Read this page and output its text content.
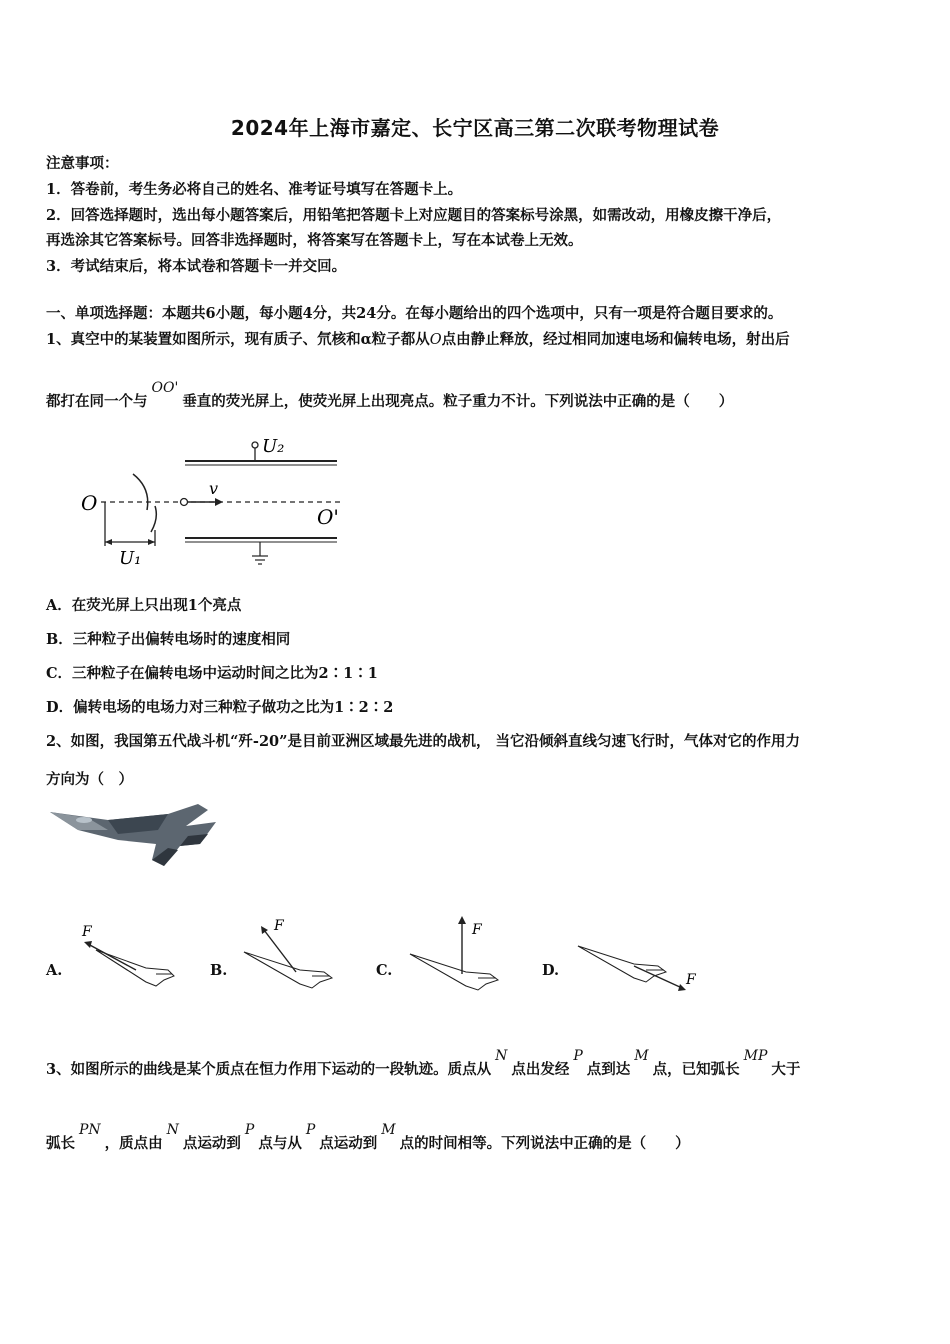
2024年上海市嘉定、长宁区高三第二次联考物理试卷
注意事项：
1．答卷前，考生务必将自己的姓名、准考证号填写在答题卡上。
2．回答选择题时，选出每小题答案后，用铅笔把答题卡上对应题目的答案标号涂黑，如需改动，用橡皮擦干净后，
再选涂其它答案标号。回答非选择题时，将答案写在答题卡上，写在本试卷上无效。
3．考试结束后，将本试卷和答题卡一并交回。
一、单项选择题：本题共6小题，每小题4分，共24分。在每小题给出的四个选项中，只有一项是符合题目要求的。
1、真空中的某装置如图所示，现有质子、氘核和α粒子都从O点由静止释放，经过相同加速电场和偏转电场，射出后
都打在同一个与OO'垂直的荧光屏上，使荧光屏上出现亮点。粒子重力不计。下列说法中正确的是（　　）
U₂
O
v
O'
U₁
A．在荧光屏上只出现1个亮点
B．三种粒子出偏转电场时的速度相同
C．三种粒子在偏转电场中运动时间之比为2∶1∶1
D．偏转电场的电场力对三种粒子做功之比为1∶2∶2
2、如图，我国第五代战斗机“歼-20”是目前亚洲区域最先进的战机， 当它沿倾斜直线匀速飞行时，气体对它的作用力
方向为（　）
A.
F
B.
F
C.
F
D.
F
3、如图所示的曲线是某个质点在恒力作用下运动的一段轨迹。质点从N点出发经P点到达M点，已知弧长MP大于
弧长PN，质点由N点运动到P点与从P点运动到M点的时间相等。下列说法中正确的是（　　）
